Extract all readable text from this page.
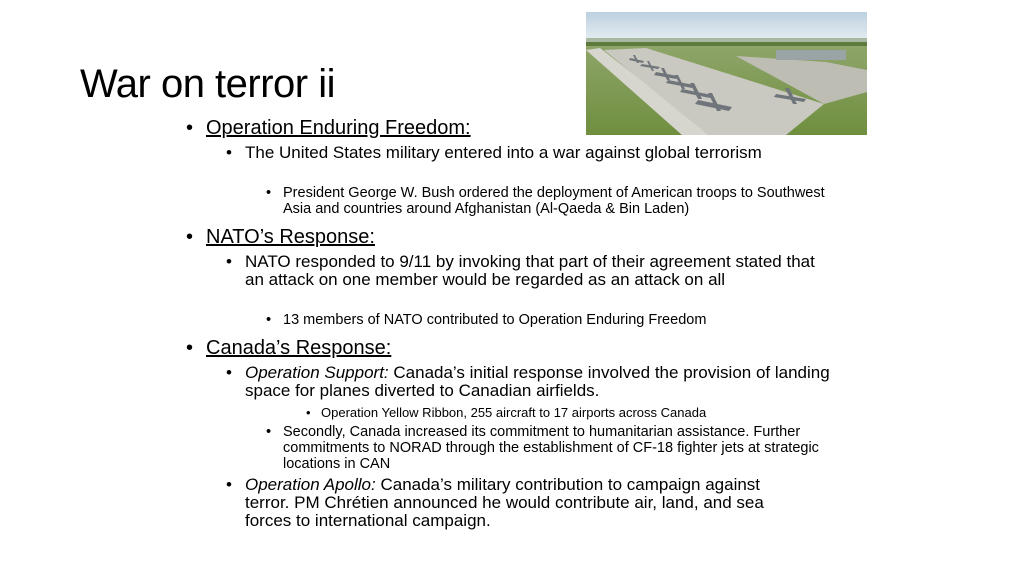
War on terror ii
• Operation Enduring Freedom:
• The United States military entered into a war against global terrorism
• President George W. Bush ordered the deployment of American troops to Southwest Asia and countries around Afghanistan (Al-Qaeda & Bin Laden)
• NATO’s Response:
• NATO responded to 9/11 by invoking that part of their agreement stated that an attack on one member would be regarded as an attack on all
• 13 members of NATO contributed to Operation Enduring Freedom
• Canada’s Response:
• Operation Support: Canada’s initial response involved the provision of landing space for planes diverted to Canadian airfields.
• Operation Yellow Ribbon, 255 aircraft to 17 airports across Canada
• Secondly, Canada increased its commitment to humanitarian assistance. Further commitments to NORAD through the establishment of CF-18 fighter jets at strategic locations in CAN
• Operation Apollo: Canada’s military contribution to campaign against terror. PM Chrétien announced he would contribute air, land, and sea forces to international campaign.
